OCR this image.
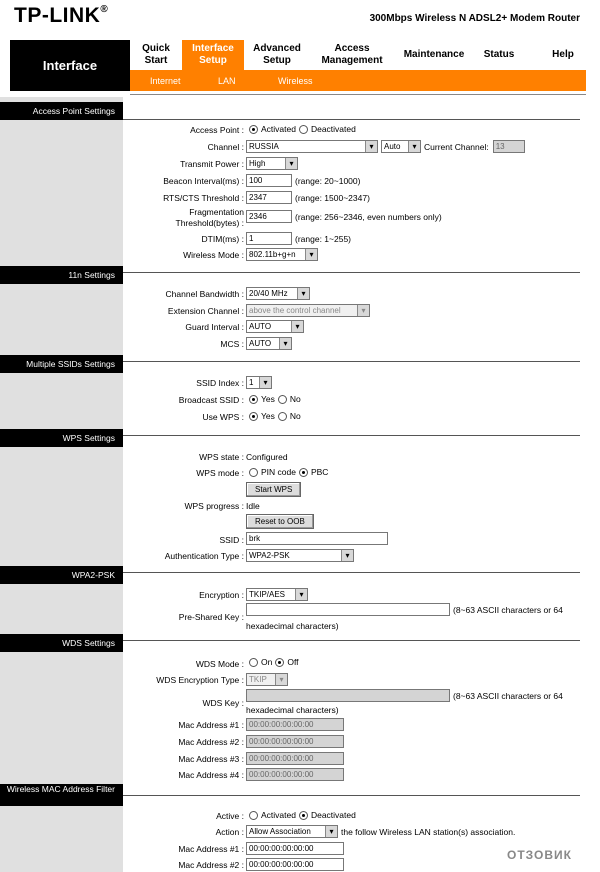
TP-LINK®
300Mbps Wireless N ADSL2+ Modem Router
Interface
Quick Start
Interface Setup
Advanced Setup
Access Management
Maintenance	Status	Help
Internet	LAN	Wireless
Access Point Settings
Access Point : Activated Deactivated
Channel : RUSSIA ▾	Auto ▾	Current Channel: 13
Transmit Power : High ▾
Beacon Interval(ms) : 100	(range: 20~1000)
RTS/CTS Threshold : 2347	(range: 1500~2347)
Fragmentation
Threshold(bytes) :
2346	(range: 256~2346, even numbers only)
DTIM(ms) : 1	(range: 1~255)
Wireless Mode : 802.11b+g+n ▾
11n Settings
Channel Bandwidth : 20/40 MHz ▾
Extension Channel : above the control channel ▾
Guard Interval : AUTO ▾
MCS : AUTO ▾
Multiple SSIDs Settings
SSID Index : 1 ▾
Broadcast SSID : Yes No
Use WPS : Yes No
WPS Settings
WPS state : Configured
WPS mode : PIN code PBC
Start WPS
WPS progress : Idle
Reset to OOB
SSID : brk
Authentication Type : WPA2-PSK ▾
WPA2-PSK
Encryption : TKIP/AES ▾
Pre-Shared Key :
(8~63 ASCII characters or 64
hexadecimal characters)
WDS Settings
WDS Mode : On Off
WDS Encryption Type : TKIP ▾
WDS Key :
(8~63 ASCII characters or 64
hexadecimal characters)
Mac Address #1 : 00:00:00:00:00:00
Mac Address #2 : 00:00:00:00:00:00
Mac Address #3 : 00:00:00:00:00:00
Mac Address #4 : 00:00:00:00:00:00
Wireless MAC Address Filter
Active : Activated Deactivated
Action : Allow Association ▾	the follow Wireless LAN station(s) association.
Mac Address #1 : 00:00:00:00:00:00
Mac Address #2 : 00:00:00:00:00:00
ОТЗОВИК
